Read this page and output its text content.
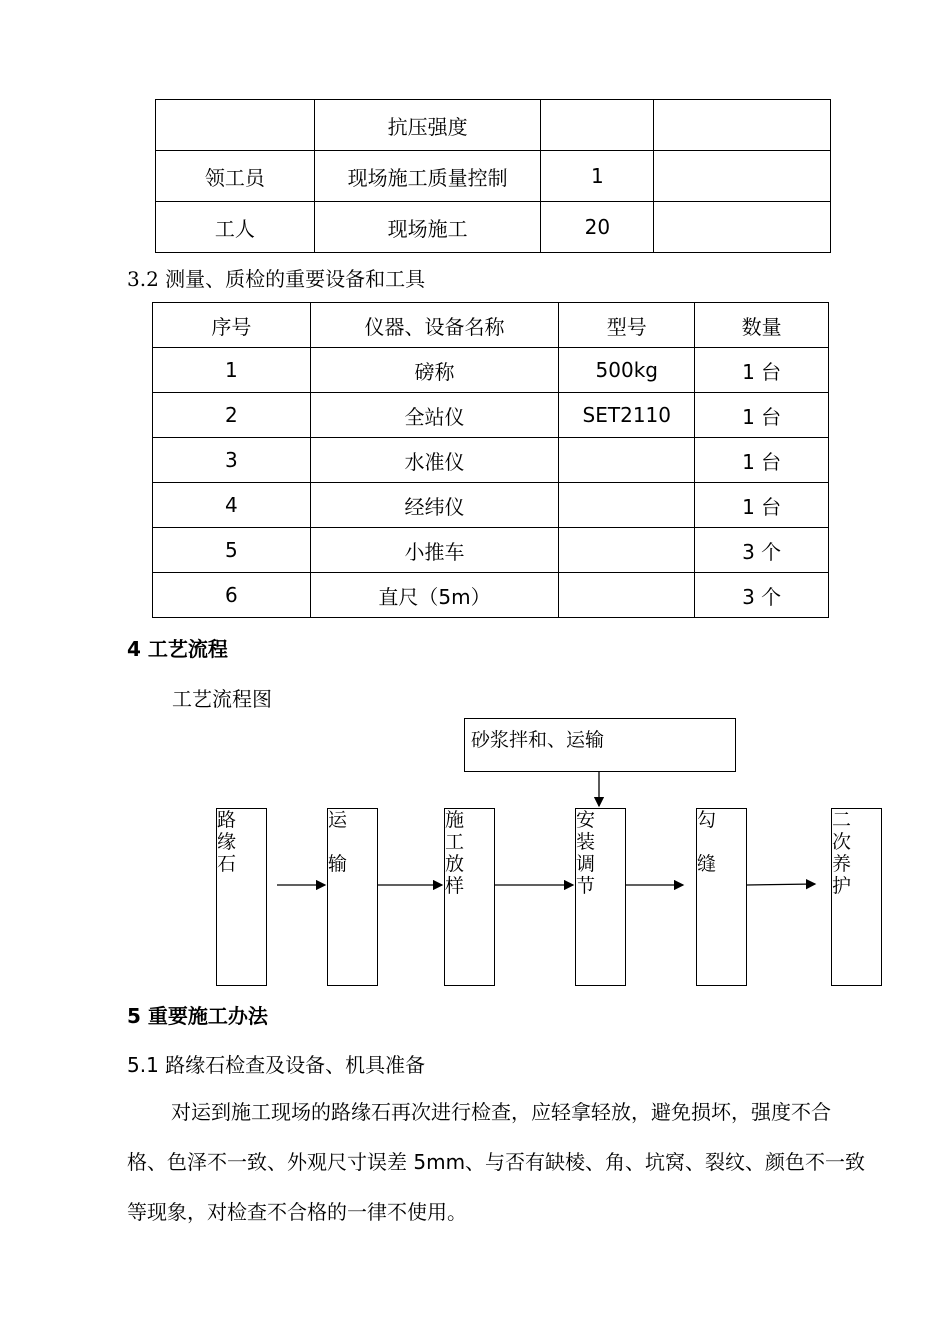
	抗压强度		
领工员	现场施工质量控制	1	
工人	现场施工	20	
3.2 测量、质检的重要设备和工具
序号	仪器、设备名称	型号	数量
1	磅称	500kg	1 台
2	全站仪	SET2110	1 台
3	水准仪		1 台
4	经纬仪		1 台
5	小推车		3 个
6	直尺（5m）		3 个
4 工艺流程
工艺流程图
砂浆拌和、运输
路缘石
运输
施工放样
安装调节
勾缝
二次养护
5 重要施工办法
5.1 路缘石检查及设备、机具准备
对运到施工现场的路缘石再次进行检查，应轻拿轻放，避免损坏，强度不合格、色泽不一致、外观尺寸误差 5mm、与否有缺棱、角、坑窝、裂纹、颜色不一致等现象，对检查不合格的一律不使用。
